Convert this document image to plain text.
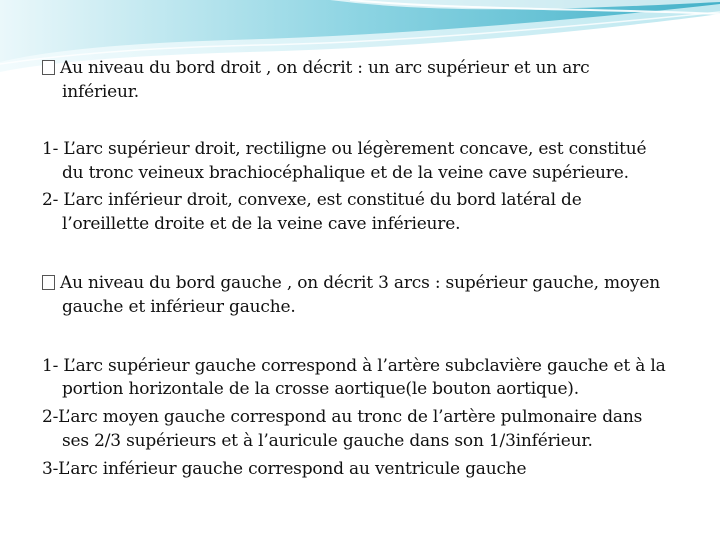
Au niveau du bord droit , on décrit : un arc supérieur et un arc
inférieur.
1- L’arc supérieur droit, rectiligne ou légèrement concave, est constitué
du tronc veineux brachiocéphalique et de la veine cave supérieure.
2- L’arc inférieur droit, convexe, est constitué du bord latéral de
l’oreillette droite et de la veine cave inférieure.
Au niveau du bord gauche , on décrit 3 arcs : supérieur gauche, moyen
gauche et inférieur gauche.
1- L’arc supérieur gauche correspond à l’artère subclavière gauche et à la
portion horizontale de la crosse aortique(le bouton aortique).
2-L’arc moyen gauche correspond au tronc de l’artère pulmonaire dans
ses 2/3 supérieurs et à l’auricule gauche dans son 1/3inférieur.
3-L’arc inférieur gauche correspond au ventricule gauche
